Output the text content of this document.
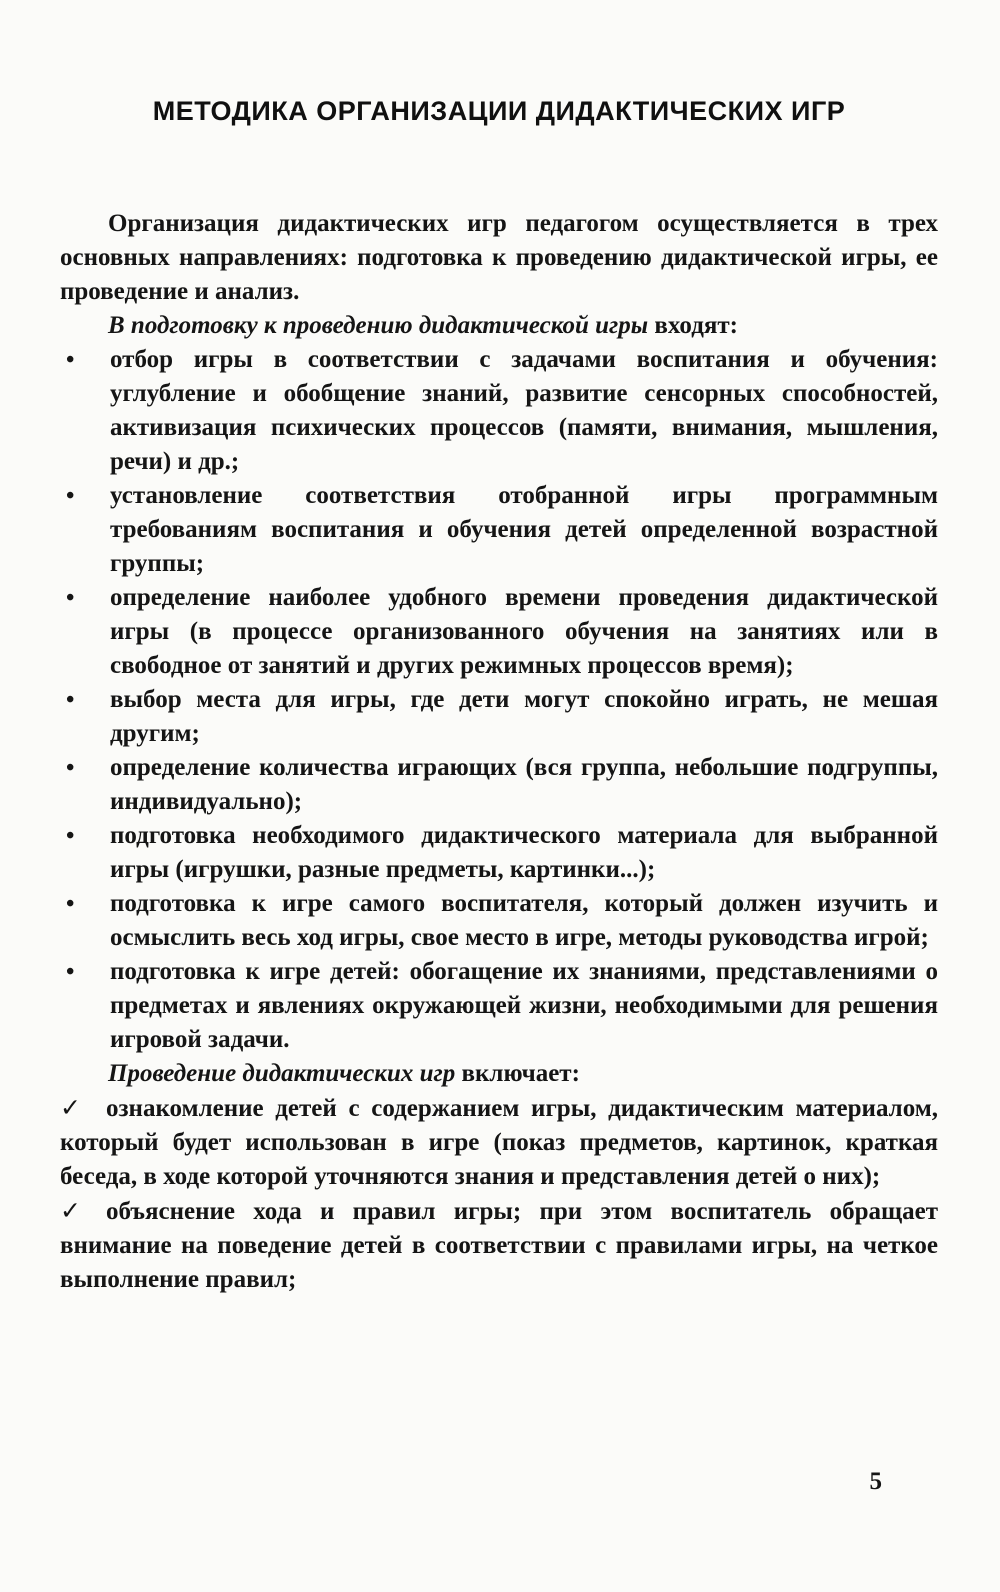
МЕТОДИКА ОРГАНИЗАЦИИ ДИДАКТИЧЕСКИХ ИГР

Организация дидактических игр педагогом осуществляется в трех основных направлениях: подготовка к проведению дидактической игры, ее проведение и анализ.

В подготовку к проведению дидактической игры входят:

•	отбор игры в соответствии с задачами воспитания и обучения: углубление и обобщение знаний, развитие сенсорных способностей, активизация психических процессов (памяти, внимания, мышления, речи) и др.;
•	установление соответствия отобранной игры программным требованиям воспитания и обучения детей определенной возрастной группы;
•	определение наиболее удобного времени проведения дидактической игры (в процессе организованного обучения на занятиях или в свободное от занятий и других режимных процессов время);
•	выбор места для игры, где дети могут спокойно играть, не мешая другим;
•	определение количества играющих (вся группа, небольшие подгруппы, индивидуально);
•	подготовка необходимого дидактического материала для выбранной игры (игрушки, разные предметы, картинки...);
•	подготовка к игре самого воспитателя, который должен изучить и осмыслить весь ход игры, свое место в игре, методы руководства игрой;
•	подготовка к игре детей: обогащение их знаниями, представлениями о предметах и явлениях окружающей жизни, необходимыми для решения игровой задачи.

Проведение дидактических игр включает:

✓ ознакомление детей с содержанием игры, дидактическим материалом, который будет использован в игре (показ предметов, картинок, краткая беседа, в ходе которой уточняются знания и представления детей о них);

✓ объяснение хода и правил игры; при этом воспитатель обращает внимание на поведение детей в соответствии с правилами игры, на четкое выполнение правил;

5
